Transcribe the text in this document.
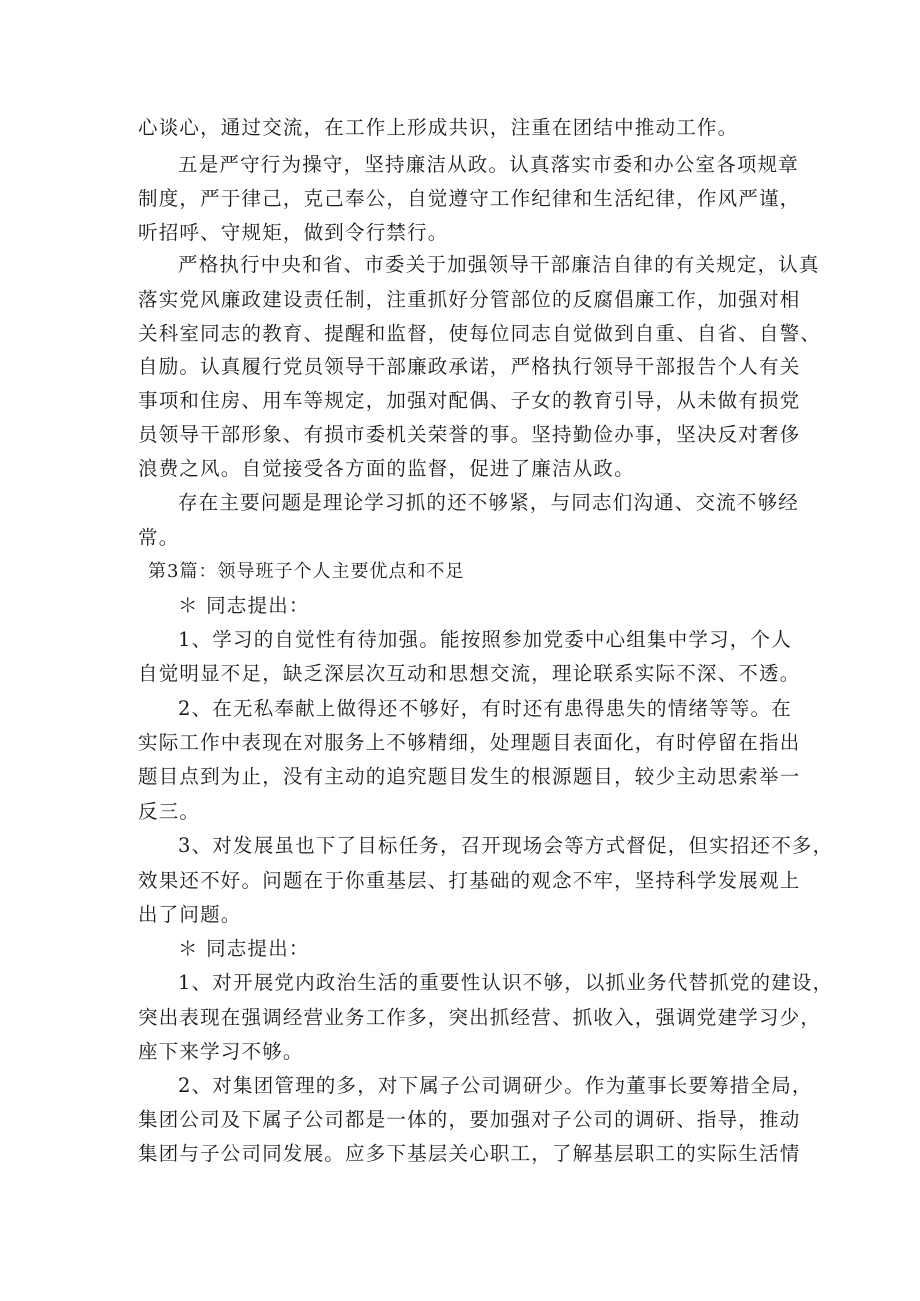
心谈心，通过交流，在工作上形成共识，注重在团结中推动工作。
五是严守行为操守，坚持廉洁从政。认真落实市委和办公室各项规章
制度，严于律己，克己奉公，自觉遵守工作纪律和生活纪律，作风严谨，
听招呼、守规矩，做到令行禁行。
严格执行中央和省、市委关于加强领导干部廉洁自律的有关规定，认真
落实党风廉政建设责任制，注重抓好分管部位的反腐倡廉工作，加强对相
关科室同志的教育、提醒和监督，使每位同志自觉做到自重、自省、自警、
自励。认真履行党员领导干部廉政承诺，严格执行领导干部报告个人有关
事项和住房、用车等规定，加强对配偶、子女的教育引导，从未做有损党
员领导干部形象、有损市委机关荣誉的事。坚持勤俭办事，坚决反对奢侈
浪费之风。自觉接受各方面的监督，促进了廉洁从政。
存在主要问题是理论学习抓的还不够紧，与同志们沟通、交流不够经
常。
第3篇：领导班子个人主要优点和不足
＊ 同志提出：
1、学习的自觉性有待加强。能按照参加党委中心组集中学习，个人
自觉明显不足，缺乏深层次互动和思想交流，理论联系实际不深、不透。
2、在无私奉献上做得还不够好，有时还有患得患失的情绪等等。在
实际工作中表现在对服务上不够精细，处理题目表面化，有时停留在指出
题目点到为止，没有主动的追究题目发生的根源题目，较少主动思索举一
反三。
3、对发展虽也下了目标任务，召开现场会等方式督促，但实招还不多，
效果还不好。问题在于你重基层、打基础的观念不牢，坚持科学发展观上
出了问题。
＊ 同志提出：
1、对开展党内政治生活的重要性认识不够，以抓业务代替抓党的建设，
突出表现在强调经营业务工作多，突出抓经营、抓收入，强调党建学习少，
座下来学习不够。
2、对集团管理的多，对下属子公司调研少。作为董事长要筹措全局，
集团公司及下属子公司都是一体的，要加强对子公司的调研、指导，推动
集团与子公司同发展。应多下基层关心职工，了解基层职工的实际生活情
